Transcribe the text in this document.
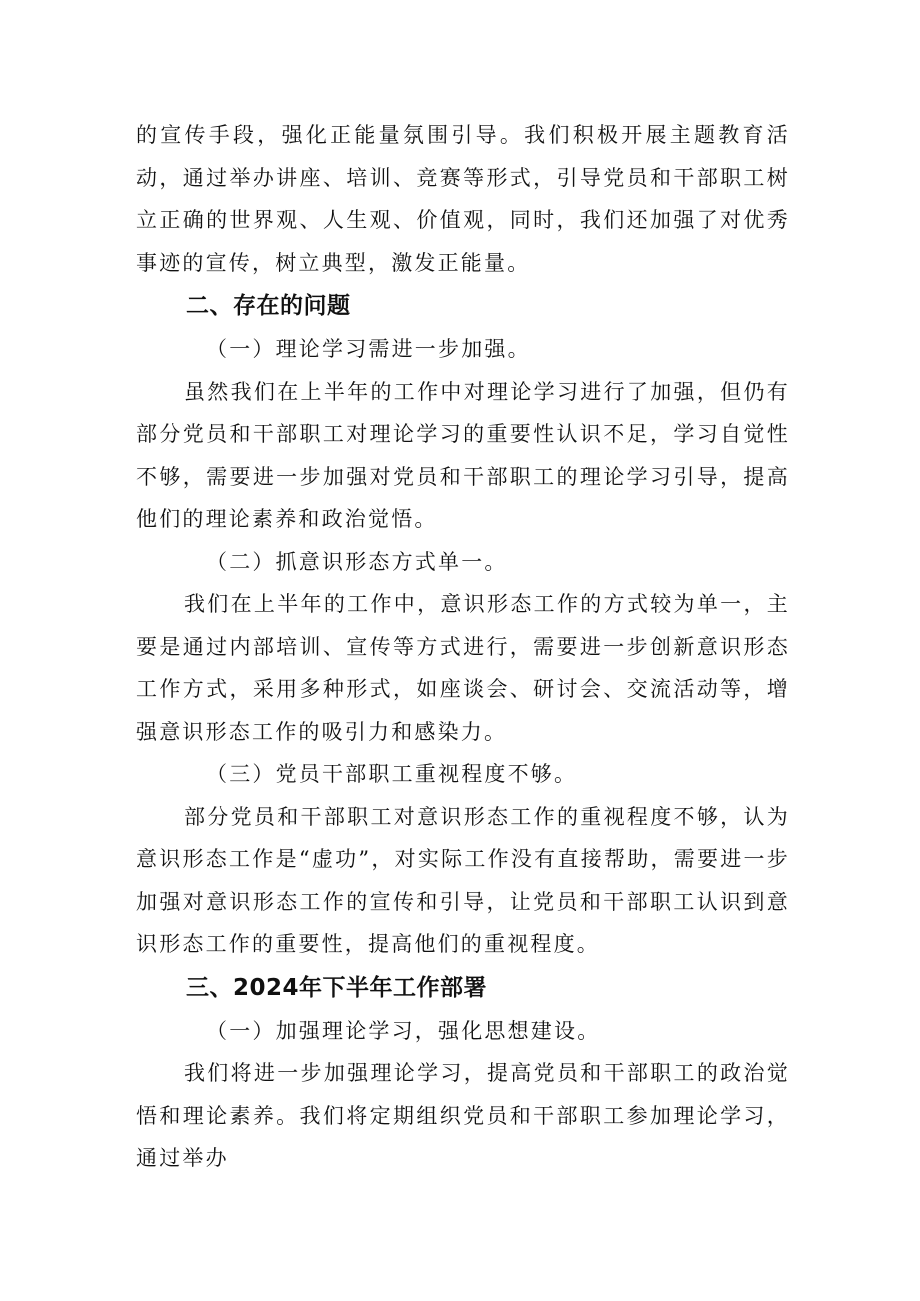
的宣传手段，强化正能量氛围引导。我们积极开展主题教育活动，通过举办讲座、培训、竞赛等形式，引导党员和干部职工树立正确的世界观、人生观、价值观，同时，我们还加强了对优秀事迹的宣传，树立典型，激发正能量。

二、存在的问题

（一）理论学习需进一步加强。

虽然我们在上半年的工作中对理论学习进行了加强，但仍有部分党员和干部职工对理论学习的重要性认识不足，学习自觉性不够，需要进一步加强对党员和干部职工的理论学习引导，提高他们的理论素养和政治觉悟。

（二）抓意识形态方式单一。

我们在上半年的工作中，意识形态工作的方式较为单一，主要是通过内部培训、宣传等方式进行，需要进一步创新意识形态工作方式，采用多种形式，如座谈会、研讨会、交流活动等，增强意识形态工作的吸引力和感染力。

（三）党员干部职工重视程度不够。

部分党员和干部职工对意识形态工作的重视程度不够，认为意识形态工作是“虚功”，对实际工作没有直接帮助，需要进一步加强对意识形态工作的宣传和引导，让党员和干部职工认识到意识形态工作的重要性，提高他们的重视程度。

三、2024年下半年工作部署

（一）加强理论学习，强化思想建设。

我们将进一步加强理论学习，提高党员和干部职工的政治觉悟和理论素养。我们将定期组织党员和干部职工参加理论学习，通过举办
